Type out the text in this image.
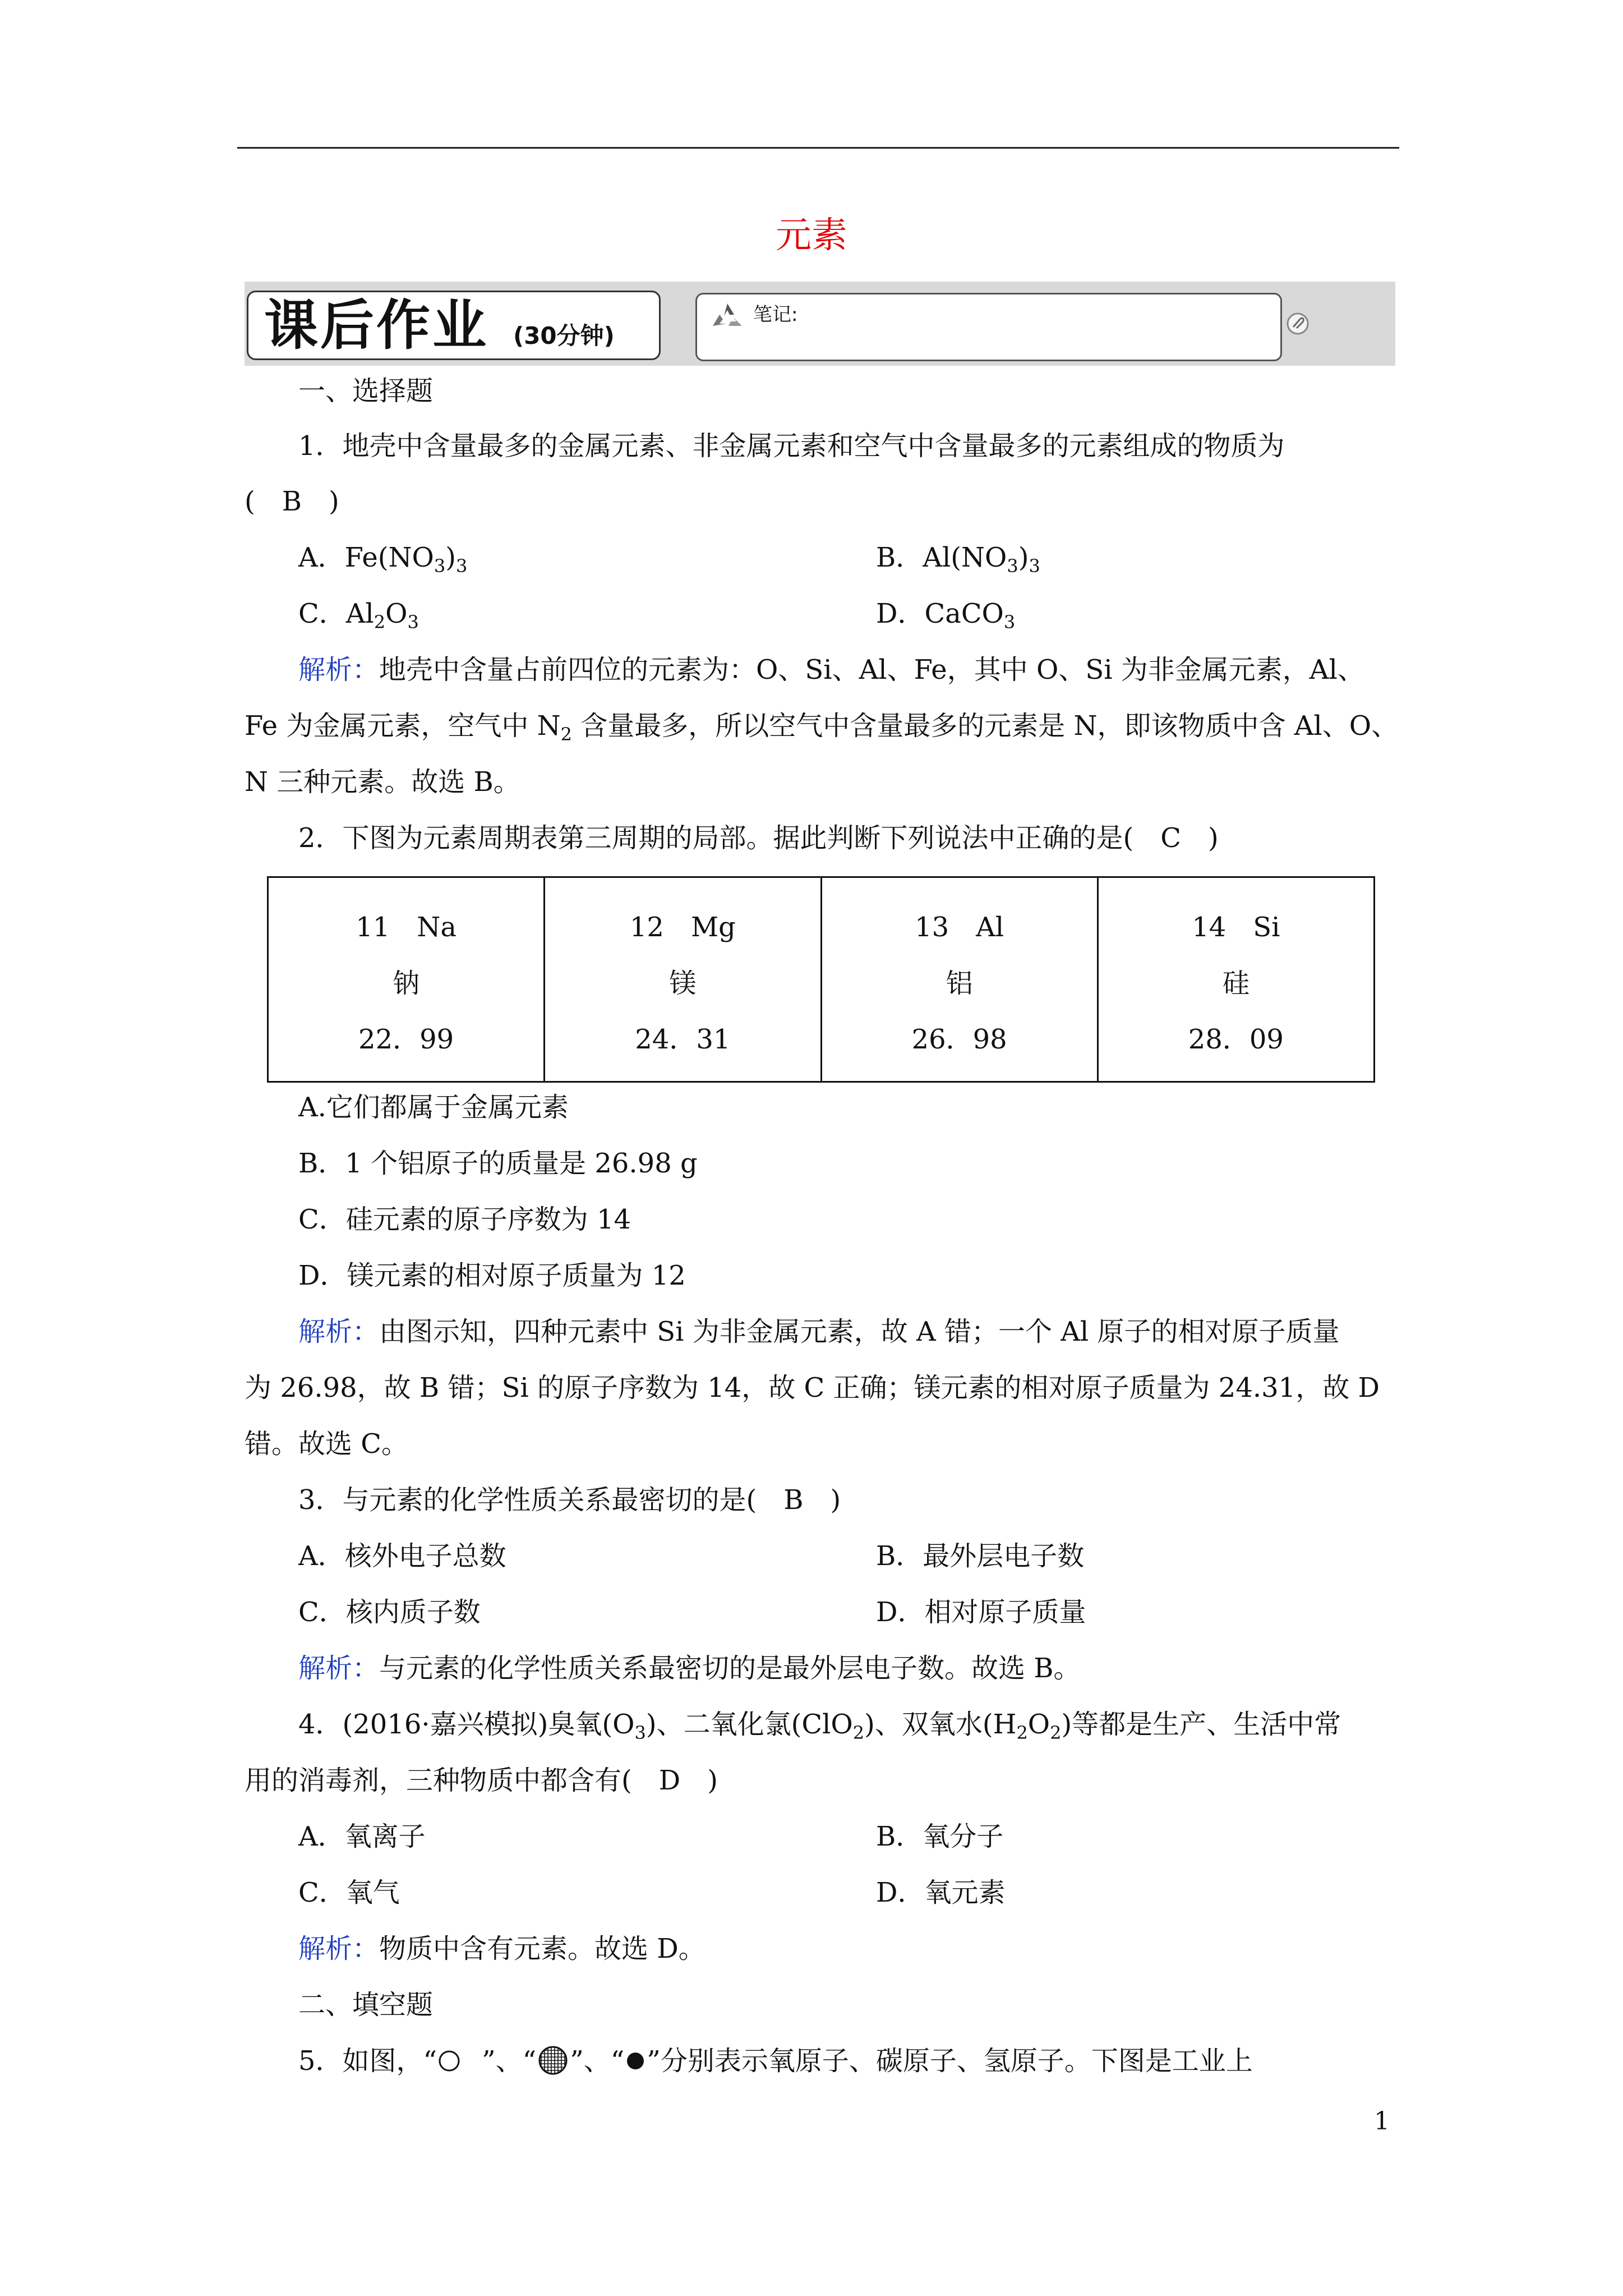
元素
课后作业 (30分钟)
笔记:
一、选择题
1．地壳中含量最多的金属元素、非金属元素和空气中含量最多的元素组成的物质为
(　B　)
A．$Fe(NO_3)_3$	B．$Al(NO_3)_3$
C．$Al_2O_3$	D．CaCO$_3$
解析：地壳中含量占前四位的元素为：O、Si、Al、Fe，其中 O、Si 为非金属元素，Al、
Fe 为金属元素，空气中 $N_2$ 含量最多，所以空气中含量最多的元素是 N，即该物质中含 Al、O、
N 三种元素。故选 B。
2．下图为元素周期表第三周期的局部。据此判断下列说法中正确的是(　C　)
11　Na
钠
22．99

12　Mg
镁
24．31

13　Al
铝
26．98

14　Si
硅
28．09
A.它们都属于金属元素
B．1 个铝原子的质量是 26.98 g
C．硅元素的原子序数为 14
D．镁元素的相对原子质量为 12
解析：由图示知，四种元素中 Si 为非金属元素，故 A 错；一个 Al 原子的相对原子质量
为 26.98，故 B 错；Si 的原子序数为 14，故 C 正确；镁元素的相对原子质量为 24.31，故 D
错。故选 C。
3．与元素的化学性质关系最密切的是(　B　)
A．核外电子总数	B．最外层电子数
C．核内质子数	D．相对原子质量
解析：与元素的化学性质关系最密切的是最外层电子数。故选 B。
4．(2016·嘉兴模拟)臭氧$(O_3)$、二氧化氯(ClO$_2$)、双氧水$(H_2O_2)$等都是生产、生活中常
用的消毒剂，三种物质中都含有(　D　)
A．氧离子	B．氧分子
C．氧气	D．氧元素
解析：物质中含有元素。故选 D。
二、填空题
5．如图，“ ”、“ ”、“ ”分别表示氧原子、碳原子、氢原子。下图是工业上
1
